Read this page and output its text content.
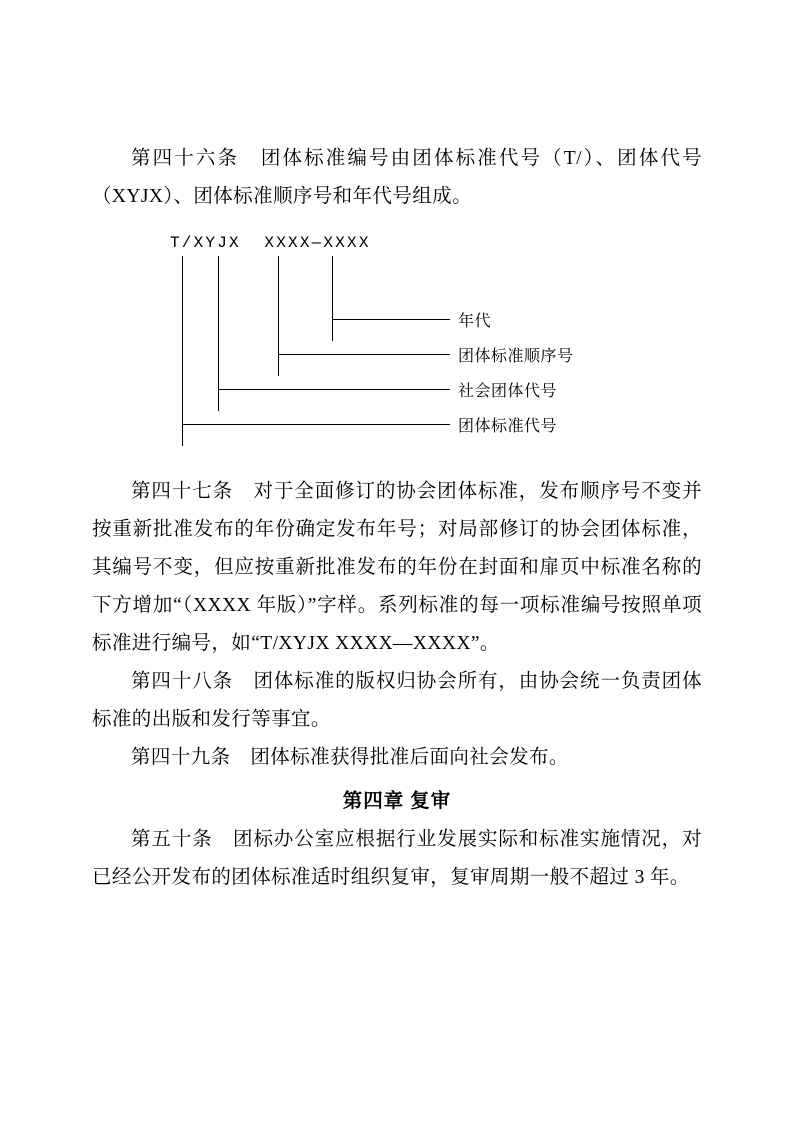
第四十六条　团体标准编号由团体标准代号（T/）、团体代号（XYJX）、团体标准顺序号和年代号组成。

T/XYJX  XXXX—XXXX
年代
团体标准顺序号
社会团体代号
团体标准代号

第四十七条　对于全面修订的协会团体标准，发布顺序号不变并按重新批准发布的年份确定发布年号；对局部修订的协会团体标准，其编号不变，但应按重新批准发布的年份在封面和扉页中标准名称的下方增加“（XXXX 年版）”字样。系列标准的每一项标准编号按照单项标准进行编号，如“T/XYJX XXXX—XXXX”。

第四十八条　团体标准的版权归协会所有，由协会统一负责团体标准的出版和发行等事宜。

第四十九条　团体标准获得批准后面向社会发布。

第四章 复审

第五十条　团标办公室应根据行业发展实际和标准实施情况，对已经公开发布的团体标准适时组织复审，复审周期一般不超过 3 年。
